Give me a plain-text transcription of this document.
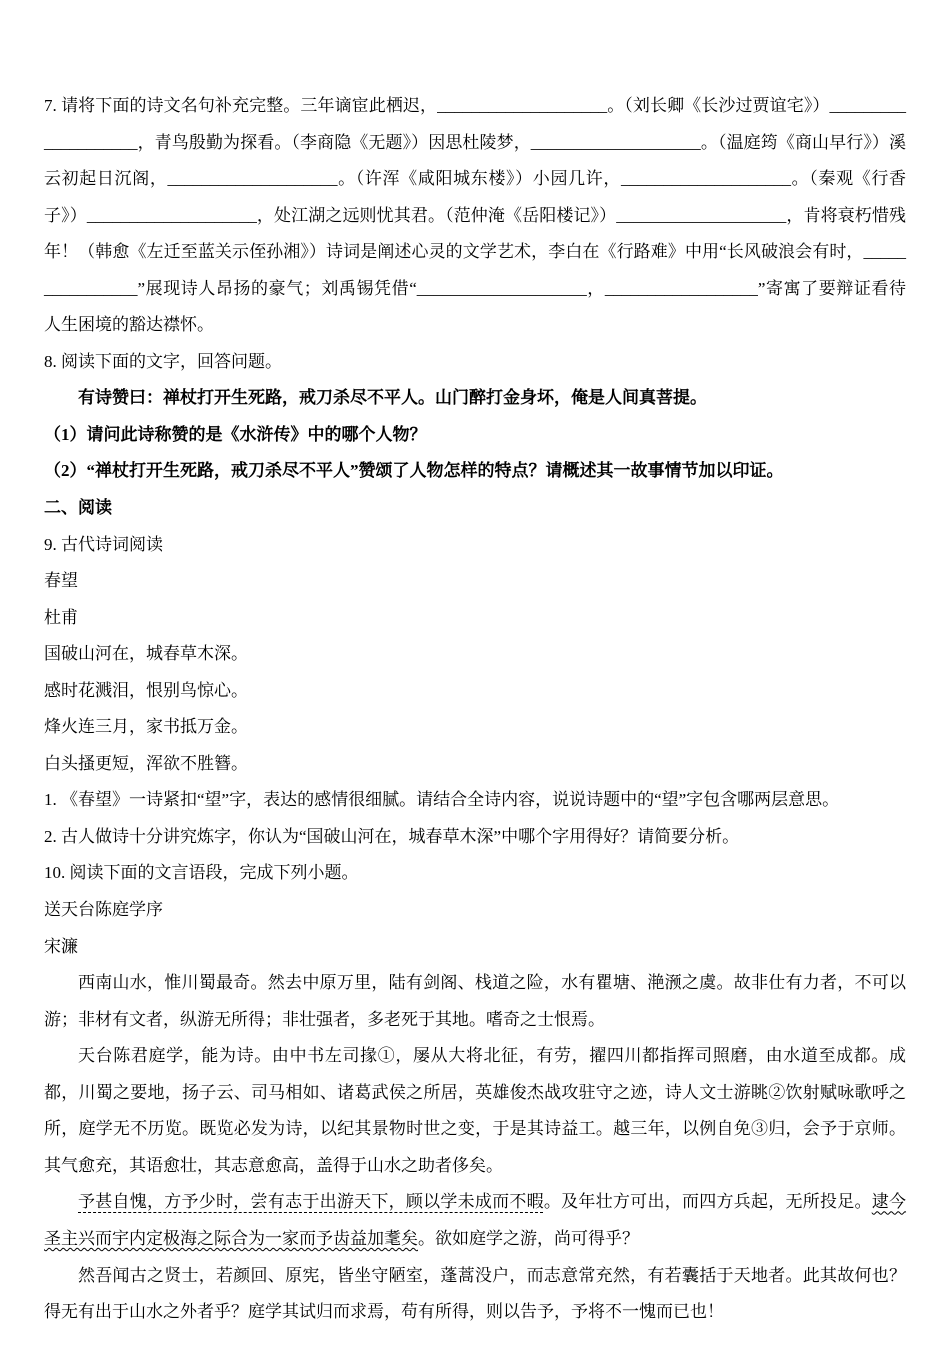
7. 请将下面的诗文名句补充完整。三年谪宦此栖迟，____________________。（刘长卿《长沙过贾谊宅》）____________________，青鸟殷勤为探看。（李商隐《无题》）因思杜陵梦，____________________。（温庭筠《商山早行》）溪云初起日沉阁，____________________。（许浑《咸阳城东楼》）小园几许，____________________。（秦观《行香子》）____________________，处江湖之远则忧其君。（范仲淹《岳阳楼记》）____________________，肯将衰朽惜残年！（韩愈《左迁至蓝关示侄孙湘》）诗词是阐述心灵的文学艺术，李白在《行路难》中用“长风破浪会有时，________________”展现诗人昂扬的豪气；刘禹锡凭借“____________________，__________________”寄寓了要辩证看待人生困境的豁达襟怀。

8. 阅读下面的文字，回答问题。

有诗赞曰：禅杖打开生死路，戒刀杀尽不平人。山门醉打金身坏，俺是人间真菩提。

（1）请问此诗称赞的是《水浒传》中的哪个人物？

（2）“禅杖打开生死路，戒刀杀尽不平人”赞颂了人物怎样的特点？请概述其一故事情节加以印证。

二、阅读

9. 古代诗词阅读

春望

杜甫

国破山河在，城春草木深。

感时花溅泪，恨别鸟惊心。

烽火连三月，家书抵万金。

白头搔更短，浑欲不胜簪。

1. 《春望》一诗紧扣“望”字，表达的感情很细腻。请结合全诗内容，说说诗题中的“望”字包含哪两层意思。

2. 古人做诗十分讲究炼字，你认为“国破山河在，城春草木深”中哪个字用得好？请简要分析。

10. 阅读下面的文言语段，完成下列小题。

送天台陈庭学序

宋濂

西南山水，惟川蜀最奇。然去中原万里，陆有剑阁、栈道之险，水有瞿塘、滟滪之虞。故非仕有力者，不可以游；非材有文者，纵游无所得；非壮强者，多老死于其地。嗜奇之士恨焉。

天台陈君庭学，能为诗。由中书左司掾①，屡从大将北征，有劳，擢四川都指挥司照磨，由水道至成都。成都，川蜀之要地，扬子云、司马相如、诸葛武侯之所居，英雄俊杰战攻驻守之迹，诗人文士游眺②饮射赋咏歌呼之所，庭学无不历览。既览必发为诗，以纪其景物时世之变，于是其诗益工。越三年，以例自免③归，会予于京师。其气愈充，其语愈壮，其志意愈高，盖得于山水之助者侈矣。

予甚自愧，方予少时，尝有志于出游天下，顾以学未成而不暇。及年壮方可出，而四方兵起，无所投足。逮今圣主兴而宇内定极海之际合为一家而予齿益加耄矣。欲如庭学之游，尚可得乎？

然吾闻古之贤士，若颜回、原宪，皆坐守陋室，蓬蒿没户，而志意常充然，有若囊括于天地者。此其故何也？得无有出于山水之外者乎？庭学其试归而求焉，苟有所得，则以告予，予将不一愧而已也！
